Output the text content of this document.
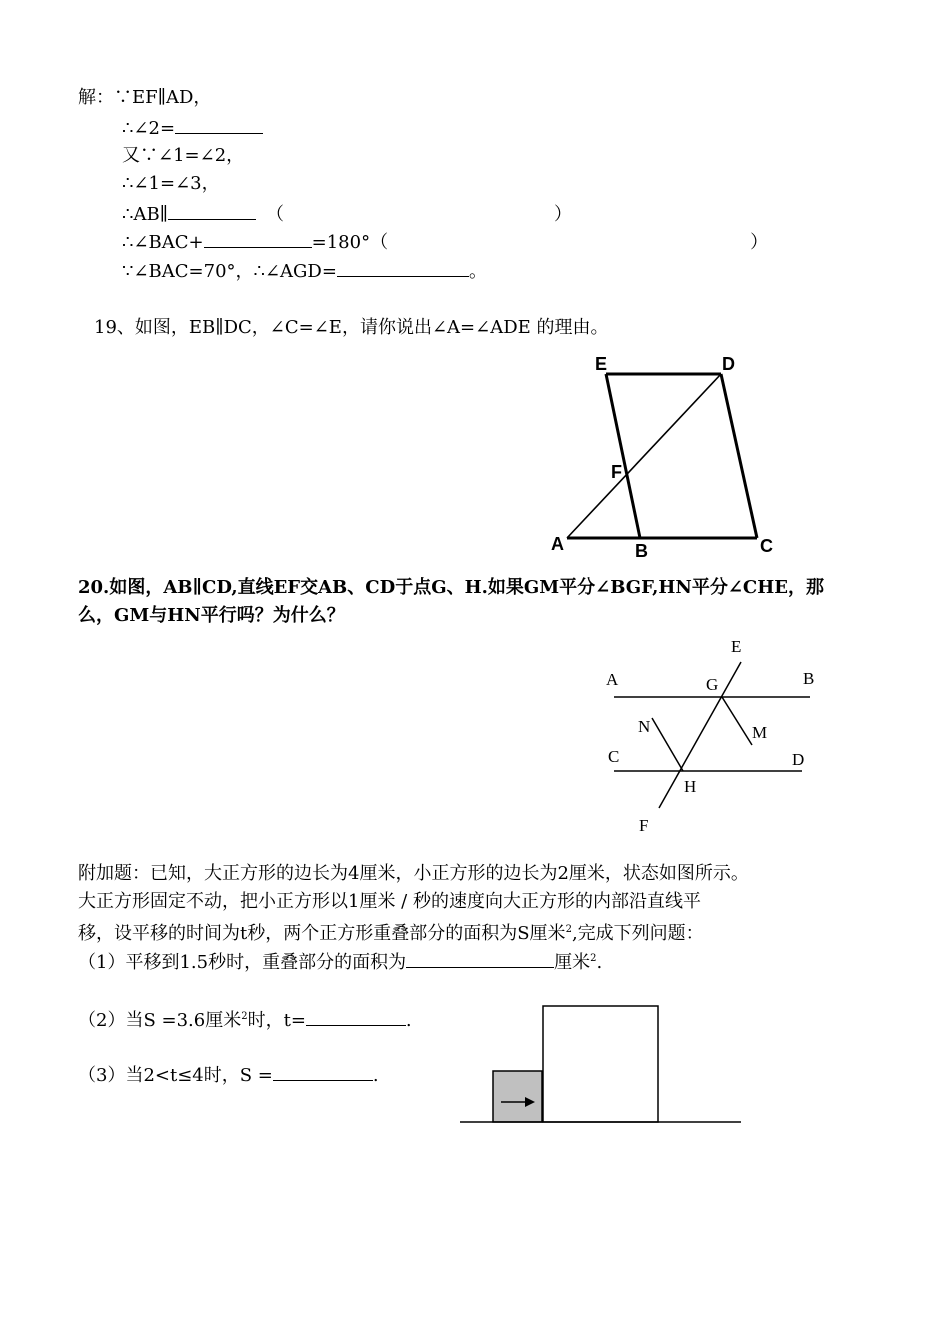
解：∵EF∥AD，
∴∠2=
又∵∠1=∠2，
∴∠1=∠3，
∴AB∥	（	）
∴∠BAC+	=180°（	）
∵∠BAC=70°，∴∠AGD=	。
19、如图，EB∥DC，∠C=∠E，请你说出∠A=∠ADE 的理由。
E	D
F
A	B	C
E
A	G	B
N	M
C	D
H
F
20.如图，AB∥CD,直线EF交AB、CD于点G、H.如果GM平分∠BGF,HN平分∠CHE，那
么，GM与HN平行吗？为什么？
附加题：已知，大正方形的边长为4厘米，小正方形的边长为2厘米，状态如图所示。
大正方形固定不动，把小正方形以1厘米 / 秒的速度向大正方形的内部沿直线平
移，设平移的时间为t秒，两个正方形重叠部分的面积为S厘米$^2$,完成下列问题：
（1）平移到1.5秒时，重叠部分的面积为	厘米$^2$.
（2）当S =3.6厘米$^2$时，t=	.
（3）当2<t≤4时，S =	.
